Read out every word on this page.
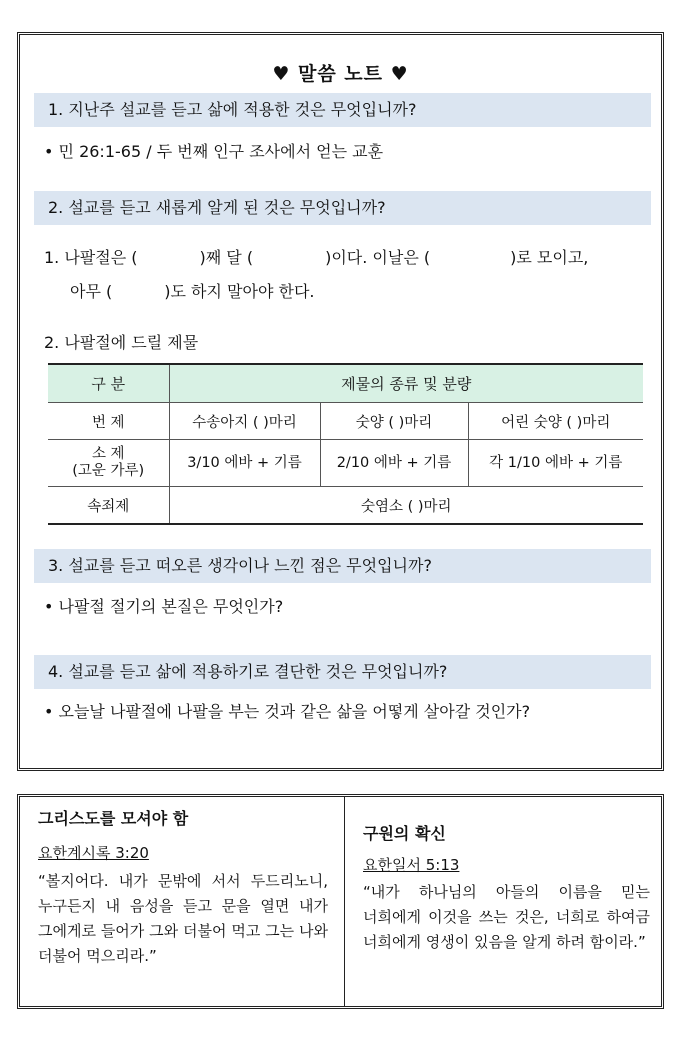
♥ 말씀 노트 ♥
1. 지난주 설교를 듣고 삶에 적용한 것은 무엇입니까?
• 민 26:1-65 / 두 번째 인구 조사에서 얻는 교훈
2. 설교를 듣고 새롭게 알게 된 것은 무엇입니까?
1. 나팔절은 (	)째 달 (	)이다. 이날은 (	)로 모이고,
아무 (	)도 하지 말아야 한다.
2. 나팔절에 드릴 제물
구 분	제물의 종류 및 분량		
번 제	수송아지 ( )마리	숫양 ( )마리	어린 숫양 ( )마리
소 제
(고운 가루)	3/10 에바 + 기름	2/10 에바 + 기름	각 1/10 에바 + 기름
속죄제	숫염소 ( )마리		
3. 설교를 듣고 떠오른 생각이나 느낀 점은 무엇입니까?
• 나팔절 절기의 본질은 무엇인가?
4. 설교를 듣고 삶에 적용하기로 결단한 것은 무엇입니까?
• 오늘날 나팔절에 나팔을 부는 것과 같은 삶을 어떻게 살아갈 것인가?
그리스도를 모셔야 함
요한계시록 3:20
“볼지어다. 내가 문밖에 서서 두드리노니, 누구든지 내 음성을 듣고 문을 열면 내가 그에게로 들어가 그와 더불어 먹고 그는 나와 더불어 먹으리라.”
구원의 확신
요한일서 5:13
“내가 하나님의 아들의 이름을 믿는 너희에게 이것을 쓰는 것은, 너희로 하여금 너희에게 영생이 있음을 알게 하려 함이라.”
